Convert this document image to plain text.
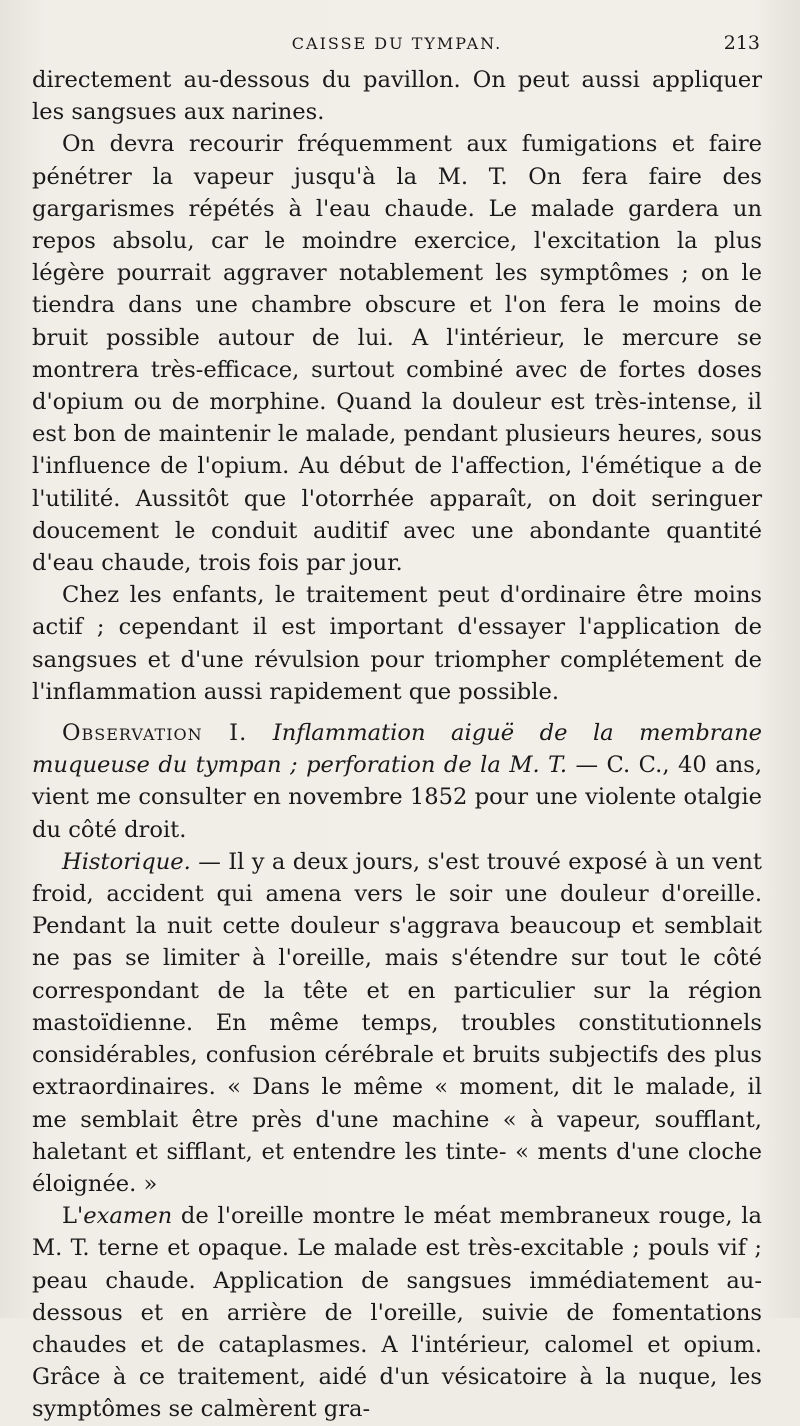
CAISSE DU TYMPAN.	213

directement au-dessous du pavillon. On peut aussi appliquer les sangsues aux narines.

On devra recourir fréquemment aux fumigations et faire pénétrer la vapeur jusqu'à la M. T. On fera faire des gargarismes répétés à l'eau chaude. Le malade gardera un repos absolu, car le moindre exercice, l'excitation la plus légère pourrait aggraver notablement les symptômes ; on le tiendra dans une chambre obscure et l'on fera le moins de bruit possible autour de lui. A l'intérieur, le mercure se montrera très-efficace, surtout combiné avec de fortes doses d'opium ou de morphine. Quand la douleur est très-intense, il est bon de maintenir le malade, pendant plusieurs heures, sous l'influence de l'opium. Au début de l'affection, l'émétique a de l'utilité. Aussitôt que l'otorrhée apparaît, on doit seringuer doucement le conduit auditif avec une abondante quantité d'eau chaude, trois fois par jour.

Chez les enfants, le traitement peut d'ordinaire être moins actif ; cependant il est important d'essayer l'application de sangsues et d'une révulsion pour triompher complétement de l'inflammation aussi rapidement que possible.

Observation I. Inflammation aiguë de la membrane muqueuse du tympan ; perforation de la M. T. — C. C., 40 ans, vient me consulter en novembre 1852 pour une violente otalgie du côté droit.

Historique. — Il y a deux jours, s'est trouvé exposé à un vent froid, accident qui amena vers le soir une douleur d'oreille. Pendant la nuit cette douleur s'aggrava beaucoup et semblait ne pas se limiter à l'oreille, mais s'étendre sur tout le côté correspondant de la tête et en particulier sur la région mastoïdienne. En même temps, troubles constitutionnels considérables, confusion cérébrale et bruits subjectifs des plus extraordinaires. « Dans le même « moment, dit le malade, il me semblait être près d'une machine « à vapeur, soufflant, haletant et sifflant, et entendre les tinte- « ments d'une cloche éloignée. »

L'examen de l'oreille montre le méat membraneux rouge, la M. T. terne et opaque. Le malade est très-excitable ; pouls vif ; peau chaude. Application de sangsues immédiatement au-dessous et en arrière de l'oreille, suivie de fomentations chaudes et de cataplasmes. A l'intérieur, calomel et opium. Grâce à ce traitement, aidé d'un vésicatoire à la nuque, les symptômes se calmèrent gra-
